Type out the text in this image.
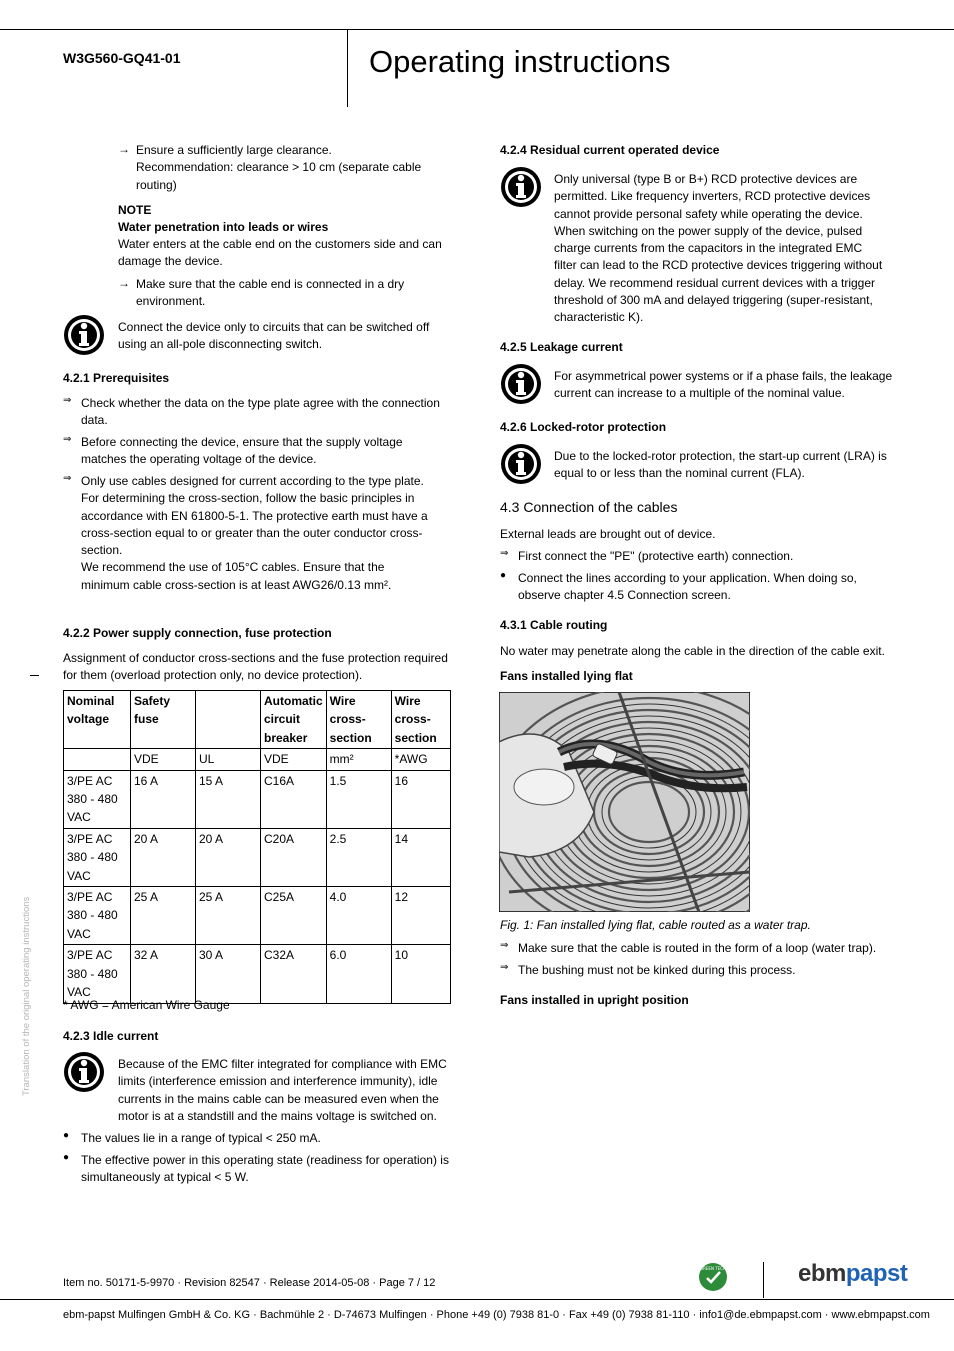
W3G560-GQ41-01	Operating instructions
→ Ensure a sufficiently large clearance.
Recommendation: clearance > 10 cm (separate cable routing)

NOTE

Water penetration into leads or wires

Water enters at the cable end on the customers side and can damage the device.

→ Make sure that the cable end is connected in a dry environment.

Connect the device only to circuits that can be switched off using an all-pole disconnecting switch.

4.2.1 Prerequisites

⇒ Check whether the data on the type plate agree with the connection data.

⇒ Before connecting the device, ensure that the supply voltage matches the operating voltage of the device.

⇒ Only use cables designed for current according to the type plate.

For determining the cross-section, follow the basic principles in accordance with EN 61800-5-1. The protective earth must have a cross-section equal to or greater than the outer conductor cross-section.

We recommend the use of 105°C cables. Ensure that the minimum cable cross-section is at least AWG26/0.13 mm².

4.2.2 Power supply connection, fuse protection

Assignment of conductor cross-sections and the fuse protection required for them (overload protection only, no device protection).

Nominal voltage	Safety fuse		Automatic circuit breaker	Wire cross-section	Wire cross-section
	VDE	UL	VDE	mm²	*AWG
3/PE AC 380 - 480 VAC	16 A	15 A	C16A	1.5	16
3/PE AC 380 - 480 VAC	20 A	20 A	C20A	2.5	14
3/PE AC 380 - 480 VAC	25 A	25 A	C25A	4.0	12
3/PE AC 380 - 480 VAC	32 A	30 A	C32A	6.0	10

* AWG = American Wire Gauge

4.2.3 Idle current

Because of the EMC filter integrated for compliance with EMC limits (interference emission and interference immunity), idle currents in the mains cable can be measured even when the motor is at a standstill and the mains voltage is switched on.

● The values lie in a range of typical < 250 mA.

● The effective power in this operating state (readiness for operation) is simultaneously at typical < 5 W.

4.2.4 Residual current operated device

Only universal (type B or B+) RCD protective devices are permitted. Like frequency inverters, RCD protective devices cannot provide personal safety while operating the device. When switching on the power supply of the device, pulsed charge currents from the capacitors in the integrated EMC filter can lead to the RCD protective devices triggering without delay. We recommend residual current devices with a trigger threshold of 300 mA and delayed triggering (super-resistant, characteristic K).

4.2.5 Leakage current

For asymmetrical power systems or if a phase fails, the leakage current can increase to a multiple of the nominal value.

4.2.6 Locked-rotor protection

Due to the locked-rotor protection, the start-up current (LRA) is equal to or less than the nominal current (FLA).

4.3 Connection of the cables

External leads are brought out of device.

⇒ First connect the "PE" (protective earth) connection.

● Connect the lines according to your application. When doing so, observe chapter 4.5 Connection screen.

4.3.1 Cable routing

No water may penetrate along the cable in the direction of the cable exit.

Fans installed lying flat

Fig. 1: Fan installed lying flat, cable routed as a water trap.

⇒ Make sure that the cable is routed in the form of a loop (water trap).

⇒ The bushing must not be kinked during this process.

Fans installed in upright position

Translation of the original operating instructions
Item no. 50171-5-9970 · Revision 82547 · Release 2014-05-08 · Page 7 / 12
GREEN TECH	ebmpapst
ebm-papst Mulfingen GmbH & Co. KG · Bachmühle 2 · D-74673 Mulfingen · Phone +49 (0) 7938 81-0 · Fax +49 (0) 7938 81-110 · info1@de.ebmpapst.com · www.ebmpapst.com
